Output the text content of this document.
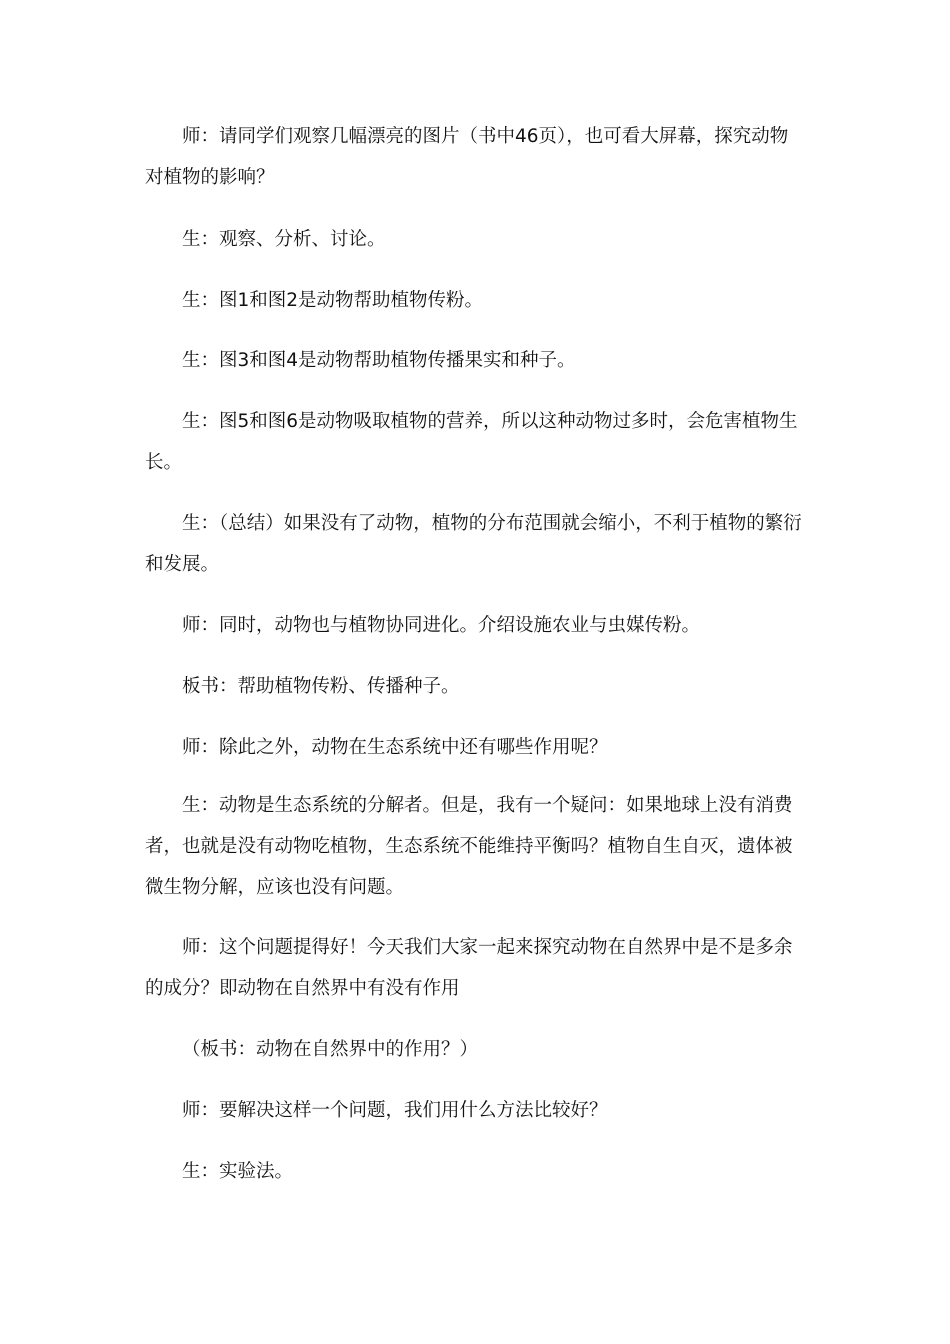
师：请同学们观察几幅漂亮的图片（书中46页），也可看大屏幕，探究动物对植物的影响？

生：观察、分析、讨论。

生：图1和图2是动物帮助植物传粉。

生：图3和图4是动物帮助植物传播果实和种子。

生：图5和图6是动物吸取植物的营养，所以这种动物过多时，会危害植物生长。

生：（总结）如果没有了动物，植物的分布范围就会缩小，不利于植物的繁衍和发展。

师：同时，动物也与植物协同进化。介绍设施农业与虫媒传粉。

板书：帮助植物传粉、传播种子。

师：除此之外，动物在生态系统中还有哪些作用呢？

生：动物是生态系统的分解者。但是，我有一个疑问：如果地球上没有消费者，也就是没有动物吃植物，生态系统不能维持平衡吗？植物自生自灭，遗体被微生物分解，应该也没有问题。

师：这个问题提得好！今天我们大家一起来探究动物在自然界中是不是多余的成分？即动物在自然界中有没有作用

（板书：动物在自然界中的作用？）

师：要解决这样一个问题，我们用什么方法比较好？

生：实验法。
